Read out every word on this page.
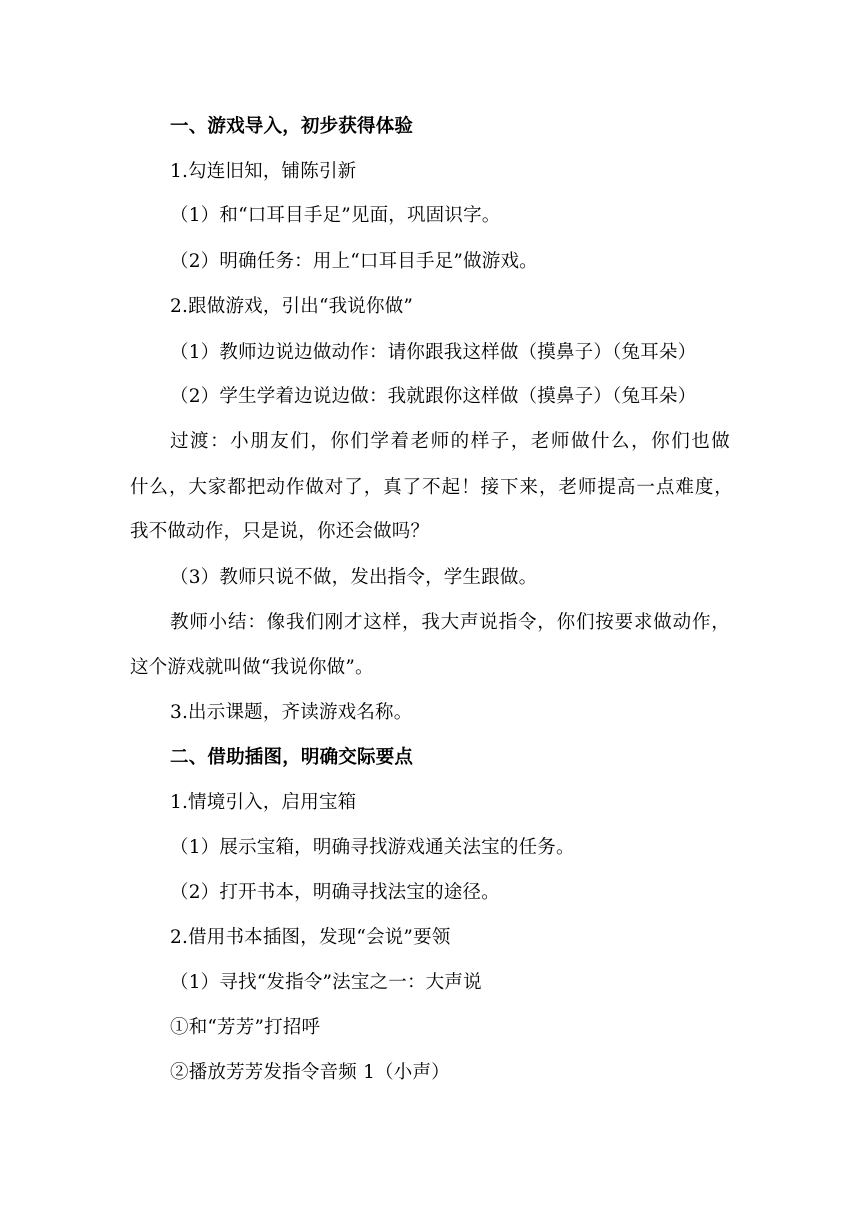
一、游戏导入，初步获得体验
1.勾连旧知，铺陈引新
（1）和“口耳目手足”见面，巩固识字。
（2）明确任务：用上“口耳目手足”做游戏。
2.跟做游戏，引出“我说你做”
（1）教师边说边做动作：请你跟我这样做（摸鼻子）（兔耳朵）
（2）学生学着边说边做：我就跟你这样做（摸鼻子）（兔耳朵）
过渡：小朋友们，你们学着老师的样子，老师做什么，你们也做
什么，大家都把动作做对了，真了不起！接下来，老师提高一点难度，
我不做动作，只是说，你还会做吗？
（3）教师只说不做，发出指令，学生跟做。
教师小结：像我们刚才这样，我大声说指令，你们按要求做动作，
这个游戏就叫做“我说你做”。
3.出示课题，齐读游戏名称。
二、借助插图，明确交际要点
1.情境引入，启用宝箱
（1）展示宝箱，明确寻找游戏通关法宝的任务。
（2）打开书本，明确寻找法宝的途径。
2.借用书本插图，发现“会说”要领
（1）寻找“发指令”法宝之一：大声说
①和“芳芳”打招呼
②播放芳芳发指令音频 1（小声）
